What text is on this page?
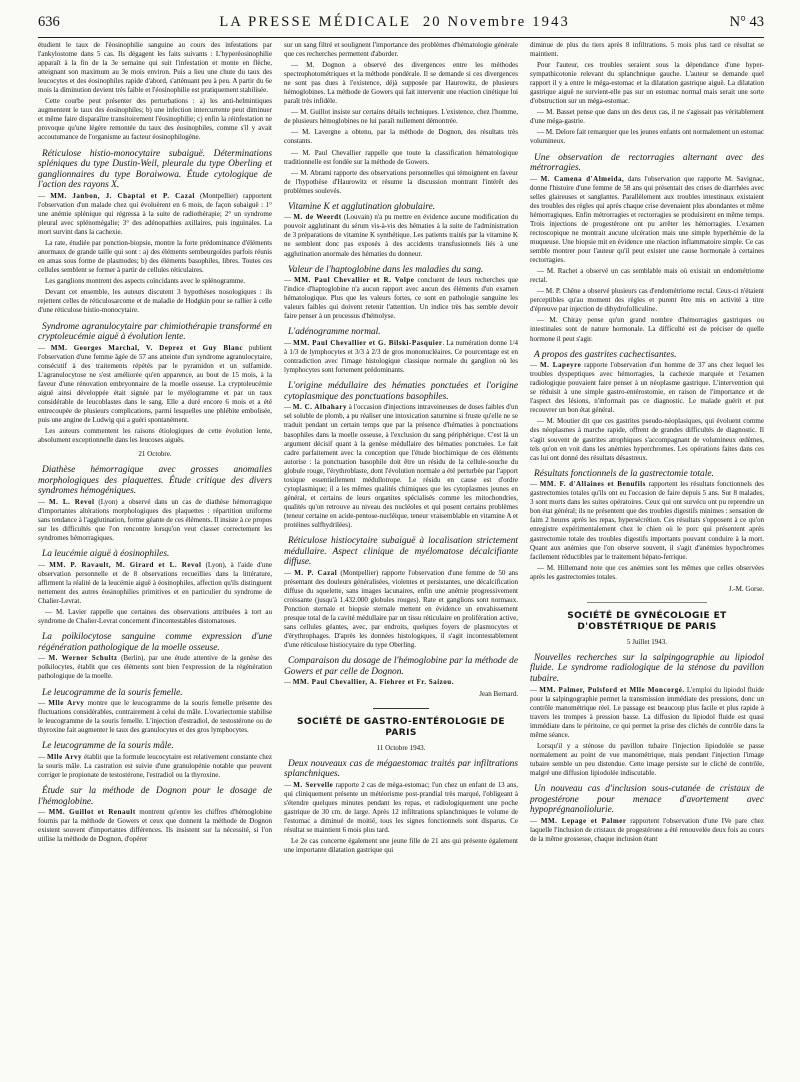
636	LA PRESSE MÉDICALE 20 Novembre 1943	N° 43

étudient le taux de l'éosinophilie sanguine au cours des infestations par l'ankylostome dans 5 cas. Ils dégagent les faits suivants : L'hyperéosinophilie apparaît à la fin de la 3e semaine qui suit l'infestation et monte en flèche, atteignant son maximum au 3e mois environ. Puis a lieu une chute du taux des leucocytes et des éosinophiles rapide d'abord, s'atténuant peu à peu. A partir du 6e mois la diminution devient très faible et l'éosinophilie est pratiquement stabilisée.

Cette courbe peut présenter des perturbations : a) les anti-helmintiques augmentent le taux des éosinophiles; b) une infection intercurrente peut diminuer et même faire disparaître transitoirement l'éosinophilie; c) enfin la réinfestation ne provoque qu'une légère remontée du taux des éosinophiles, comme s'il y avait accoutumance de l'organisme au facteur éosinophilogène.

Réticulose histio-monocytaire subaiguë. Déterminations spléniques du type Dustin-Weil, pleurale du type Oberling et ganglionnaires du type Boraiwowa. Étude cytologique de l'action des rayons X.

— MM. Janbon, J. Chaptal et P. Cazal (Montpellier) rapportent l'observation d'un malade chez qui évoluèrent en 6 mois, de façon subaiguë : 1° une anémie splénique qui régressa à la suite de radiothérapie; 2° un syndrome pleural avec splénomégalie; 3° des adénopathies axillaires, puis inguinales. La mort survint dans la cachexie.

La rate, étudiée par ponction-biopsie, montre la forte prédominance d'éléments anormaux de grande taille qui sont : a) des éléments sembeurgoïdes parfois réunis en amas sous forme de plasmodes; b) des éléments basophiles, libres. Toutes ces cellules semblent se former à partir de cellules réticulaires.

Les ganglions montrent des aspects coïncidants avec le splénogramme.

Devant cet ensemble, les auteurs discutent 3 hypothèses nosologiques : ils rejettent celles de réticulosarcome et de maladie de Hodgkin pour se rallier à celle d'une réticulose histio-monocytaire.

Syndrome agranulocytaire par chimiothérapie transformé en cryptoleucémie aiguë à évolution lente.

— MM. Georges Marchal, V. Deprez et Guy Blanc publient l'observation d'une femme âgée de 57 ans atteinte d'un syndrome agranulocytaire, consécutif à des traitements répétés par le pyramidon et un sulfamide. L'agranulocytose ne s'est améliorée qu'en apparence, au bout de 15 mois, à la faveur d'une rénovation embryonnaire de la moelle osseuse. La cryptoleucémie aiguë ainsi développée était signée par le myélogramme et par un taux considérable de leucoblastes dans le sang. Elle a duré encore 6 mois et a été entrecoupée de plusieurs complications, parmi lesquelles une phlébite embolisée, puis une angine de Ludwig qui a guéri spontanément.

Les auteurs commentent les raisons étiologiques de cette évolution lente, absolument exceptionnelle dans les leucoses aiguës.

21 Octobre.
Diathèse hémorragique avec grosses anomalies morphologiques des plaquettes. Étude critique des divers syndromes hémogéniques.

— M. L. Revol (Lyon) a observé dans un cas de diathèse hémorragique d'importantes altérations morphologiques des plaquettes : répartition uniforme sans tendance à l'agglutination, forme géante de ces éléments. Il insiste à ce propos sur les difficultés que l'on rencontre lorsqu'on veut classer correctement les syndromes hémorragiques.

La leucémie aiguë à éosinophiles.

— MM. P. Ravault, M. Girard et L. Revol (Lyon), à l'aide d'une observation personnelle et de 8 observations recueillies dans la littérature, affirment la réalité de la leucémie aiguë à éosinophiles, affection qu'ils distinguent nettement des autres éosinophilies primitives et en particulier du syndrome de Chalier-Levrat.

— M. Lavier rappelle que certaines des observations attribuées à tort au syndrome de Chalier-Levrat concernent d'incontestables distomatoses.

La poïkilocytose sanguine comme expression d'une régénération pathologique de la moelle osseuse.

— M. Werner Schultz (Berlin), par une étude attentive de la genèse des poïkilocytes, établit que ces éléments sont bien l'expression de la régénération pathologique de la moelle.

Le leucogramme de la souris femelle.

— Mlle Arvy montre que le leucogramme de la souris femelle présente des fluctuations considérables, contrairement à celui du mâle. L'ovariectomie stabilise le leucogramme de la souris femelle. L'injection d'estradiol, de testostérone ou de thyroxine fait augmenter le taux des granulocytes et des gros lymphocytes.

Le leucogramme de la souris mâle.

— Mlle Arvy établit que la formule leucocytaire est relativement constante chez la souris mâle. La castration est suivie d'une granulopénie notable que peuvent corriger le propionate de testostérone, l'estradiol ou la thyroxine.

Étude sur la méthode de Dognon pour le dosage de l'hémoglobine.

— MM. Guillot et Renault montrent qu'entre les chiffres d'hémoglobine fournis par la méthode de Gowers et ceux que donnent la méthode de Dognon existent souvent d'importantes différences. Ils insistent sur la nécessité, si l'on utilise la méthode de Dognon, d'opérer

sur un sang filtré et soulignent l'importance des problèmes d'hématologie générale que ces recherches permettent d'aborder.

— M. Dognon a observé des divergences entre les méthodes spectrophotométriques et la méthode pondérale. Il se demande si ces divergences ne sont pas dues à l'existence, déjà supposée par Haurowitz, de plusieurs hémoglobines. La méthode de Gowers qui fait intervenir une réaction cinétique lui paraît très infidèle.

— M. Guillot insiste sur certains détails techniques. L'existence, chez l'homme, de plusieurs hémoglobines ne lui paraît nullement démontrée.

— M. Lavergne a obtenu, par la méthode de Dognon, des résultats très constants.

— M. Paul Chevallier rappelle que toute la classification hématologique traditionnelle est fondée sur la méthode de Gowers.

— M. Abrami rapporte des observations personnelles qui témoignent en faveur de l'hypothèse d'Haurowitz et résume la discussion montrant l'intérêt des problèmes soulevés.

Vitamine K et agglutination globulaire.

— M. de Weerdt (Louvain) n'a pu mettre en évidence aucune modification du pouvoir agglutinant du sérum vis-à-vis des hématies à la suite de l'administration de 3 préparations de vitamine K synthétique. Les patients traités par la vitamine K ne semblent donc pas exposés à des accidents transfusionnels liés à une agglutination anormale des hématies du donneur.

Valeur de l'haptoglobine dans les maladies du sang.

— MM. Paul Chevallier et R. Volpe concluent de leurs recherches que l'indice d'haptoglobine n'a aucun rapport avec aucun des éléments d'un examen hématologique. Plus que les valeurs fortes, ce sont en pathologie sanguine les valeurs faibles qui doivent retenir l'attention. Un indice très bas semble devoir faire penser à un processus d'hémolyse.

L'adénogramme normal.

— MM. Paul Chevallier et G. Bilski-Pasquier. La numération donne 1/4 à 1/3 de lymphocytes et 3/3 à 2/3 de gros mononucléaires. Ce pourcentage est en contradiction avec l'image histologique classique normale du ganglion où les lymphocytes sont fortement prédominants.

L'origine médullaire des hématies ponctuées et l'origine cytoplasmique des ponctuations basophiles.

— M. C. Albahary à l'occasion d'injections intraveineuses de doses faibles d'un sel soluble de plomb, a pu réaliser une intoxication saturnine si fruste qu'elle ne se traduit pendant un certain temps que par la présence d'hématies à ponctuations basophiles dans la moelle osseuse, à l'exclusion du sang périphérique. C'est là un argument décisif quant à la genèse médullaire des hématies ponctuées. Le fait cadre parfaitement avec la conception que l'étude biochimique de ces éléments autorise : la ponctuation basophile doit être un résidu de la cellule-souche du globule rouge, l'érythroblaste, dont l'évolution normale a été perturbée par l'apport toxique essentiellement médullotrope. Le résidu en cause est d'ordre cytoplasmique; il a les mêmes qualités chimiques que les cytoplasmes jeunes en général, et certains de leurs organites spécialisés comme les mitochondries, qualités qu'on retrouve au niveau des nucléoles et qui posent certains problèmes (teneur certaine en acide-pentose-nucléique, teneur vraisemblable en vitamine A et protéines sulfhydrilées).

Réticulose histiocytaire subaiguë à localisation strictement médullaire. Aspect clinique de myélomatose décalcifiante diffuse.

— M. P. Cazal (Montpellier) rapporte l'observation d'une femme de 50 ans présentant des douleurs généralisées, violentes et persistantes, une décalcification diffuse du squelette, sans images lacunaires, enfin une anémie progressivement croissante (jusqu'à 1.432.000 globules rouges). Rate et ganglions sont normaux. Ponction sternale et biopsie sternale mettent en évidence un envahissement presque total de la cavité médullaire par un tissu réticulaire en prolifération active, sans cellules géantes, avec, par endroits, quelques foyers de plasmocytes et d'érythrophages. D'après les données histologiques, il s'agit incontestablement d'une réticulose histiocytaire du type Oberling.

Comparaison du dosage de l'hémoglobine par la méthode de Gowers et par celle de Dognon.

— MM. Paul Chevallier, A. Fiehrer et Fr. Saizou.

Jean Bernard.
SOCIÉTÉ DE GASTRO-ENTÉROLOGIE DE PARIS
11 Octobre 1943.
Deux nouveaux cas de mégaestomac traités par infiltrations splanchniques.

— M. Servelle rapporte 2 cas de méga-estomac; l'un chez un enfant de 13 ans, qui cliniquement présente un météorisme post-prandial très marqué, l'obligeant à s'étendre quelques minutes pendant les repas, et radiologiquement une poche gastrique de 30 cm. de large. Après 12 infiltrations splanchniques le volume de l'estomac a diminué de moitié, tous les signes fonctionnels sont disparus. Ce résultat se maintient 6 mois plus tard.

Le 2e cas concerne également une jeune fille de 21 ans qui présente également une importante dilatation gastrique qui

diminue de plus du tiers après 8 infiltrations. 5 mois plus tard ce résultat se maintient.

Pour l'auteur, ces troubles seraient sous la dépendance d'une hyper-sympathicotonie relevant du splanchnique gauche. L'auteur se demande quel rapport il y a entre le méga-estomac et la dilatation gastrique aiguë. La dilatation gastrique aiguë ne survient-elle pas sur un estomac normal mais serait une sorte d'obstruction sur un méga-estomac.

— M. Basset pense que dans un des deux cas, il ne s'agissait pas véritablement d'une méga-gastrie.

— M. Delore fait remarquer que les jeunes enfants ont normalement un estomac volumineux.

Une observation de rectorragies alternant avec des métrorragies.

— M. Camena d'Almeida, dans l'observation que rapporte M. Savignac, donne l'histoire d'une femme de 58 ans qui présentait des crises de diarrhées avec selles glaireuses et sanglantes. Parallèlement aux troubles intestinaux existaient des troubles des règles qui après chaque crise devenaient plus abondantes et même hémorragiques. Enfin métrorragies et rectorragies se produisirent en même temps. Trois injections de progestérone ont pu arrêter les hémorragies. L'examen rectoscopique ne montrait aucune ulcération mais une simple hyperhémie de la muqueuse. Une biopsie mit en évidence une réaction inflammatoire simple. Ce cas semble montrer pour l'auteur qu'il peut exister une cause hormonale à certaines rectorragies.

— M. Rachet a observé un cas semblable mais où existait un endométriome rectal.

— M. P. Chêne a observé plusieurs cas d'endométriome rectal. Ceux-ci n'étaient perceptibles qu'au moment des règles et purent être mis en activité à titre d'épreuve par injection de dihydrofolliculine.

— M. Chiray pense qu'un grand nombre d'hémorragies gastriques ou intestinales sont de nature hormonale. La difficulté est de préciser de quelle hormone il peut s'agir.

A propos des gastrites cachectisantes.

— M. Lapeyre rapporte l'observation d'un homme de 37 ans chez lequel les troubles dyspeptiques avec hémorragies, la cachexie marquée et l'examen radiologique pouvaient faire penser à un néoplasme gastrique. L'intervention qui se réduisit à une simple gastro-entérostomie, en raison de l'importance et de l'aspect des lésions, n'informait pas ce diagnostic. Le malade guérit et put recouvrer un bon état général.

— M. Moutier dit que ces gastrites pseudo-néoplasiques, qui évoluent comme des néoplasmes à marche rapide, offrent de grandes difficultés de diagnostic. Il s'agit souvent de gastrites atrophiques s'accompagnant de volumineux œdèmes, tels qu'on en voit dans les anémies hyperchromes. Les opérations faites dans ces cas lui ont donné des résultats désastreux.

Résultats fonctionnels de la gastrectomie totale.

— MM. F. d'Allaines et Benufils rapportent les résultats fonctionnels des gastrectomies totales qu'ils ont eu l'occasion de faire depuis 5 ans. Sur 8 malades, 3 sont morts dans les suites opératoires. Ceux qui ont survécu ont pu reprendre un bon état général; ils ne présentent que des troubles digestifs minimes : sensation de faim 2 heures après les repas, hypersécrétion. Ces résultats s'opposent à ce qu'on enregistre expérimentalement chez le chien où le porc qui présentent après gastrectomie totale des troubles digestifs importants pouvant conduire à la mort. Quant aux anémies que l'on observe souvent, il s'agit d'anémies hypochromes facilement réductibles par le traitement hépato-ferrique.

— M. Hillemand note que ces anémies sont les mêmes que celles observées après les gastrectomies totales.

J.-M. Gorse.
SOCIÉTÉ DE GYNÉCOLOGIE ET D'OBSTÉTRIQUE DE PARIS
5 Juillet 1943.
Nouvelles recherches sur la salpingographie au lipiodol fluide. Le syndrome radiologique de la sténose du pavillon tubaire.

— MM. Palmer, Pulsford et Mlle Moncorgé. L'emploi du lipiodol fluide pour la salpingographie permet la transmission immédiate des pressions, donc un contrôle manométrique réel. Le passage est beaucoup plus facile et plus rapide à travers les trompes à pression basse. La diffusion du lipiodol fluide est quasi immédiate dans le péritoine, ce qui permet la prise des clichés de contrôle dans la même séance.

Lorsqu'il y a sténose du pavillon tubaire l'injection lipiodolée se passe normalement au point de vue manométrique, mais pendant l'injection l'image tubaire semble un peu distendue. Cette image persiste sur le cliché de contrôle, malgré une diffusion lipiodolée indiscutable.

Un nouveau cas d'inclusion sous-cutanée de cristaux de progestérone pour menace d'avortement avec hypoprégnanoliolurie.

— MM. Lepage et Palmer rapportent l'observation d'une IVe pare chez laquelle l'inclusion de cristaux de progestérone a été renouvelée deux fois au cours de la même grossesse, chaque inclusion étant
